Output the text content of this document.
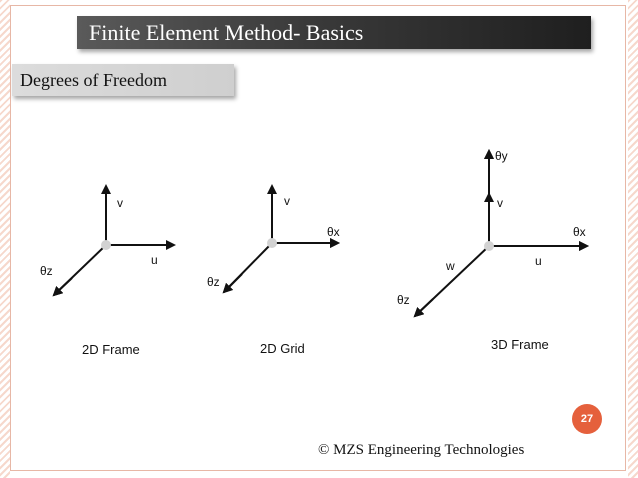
Finite Element Method- Basics
Degrees of Freedom
v
u
θz
2D Frame
v
θx
θz
2D Grid
θy
v
θx
u
w
θz
3D Frame
27
© MZS Engineering Technologies
